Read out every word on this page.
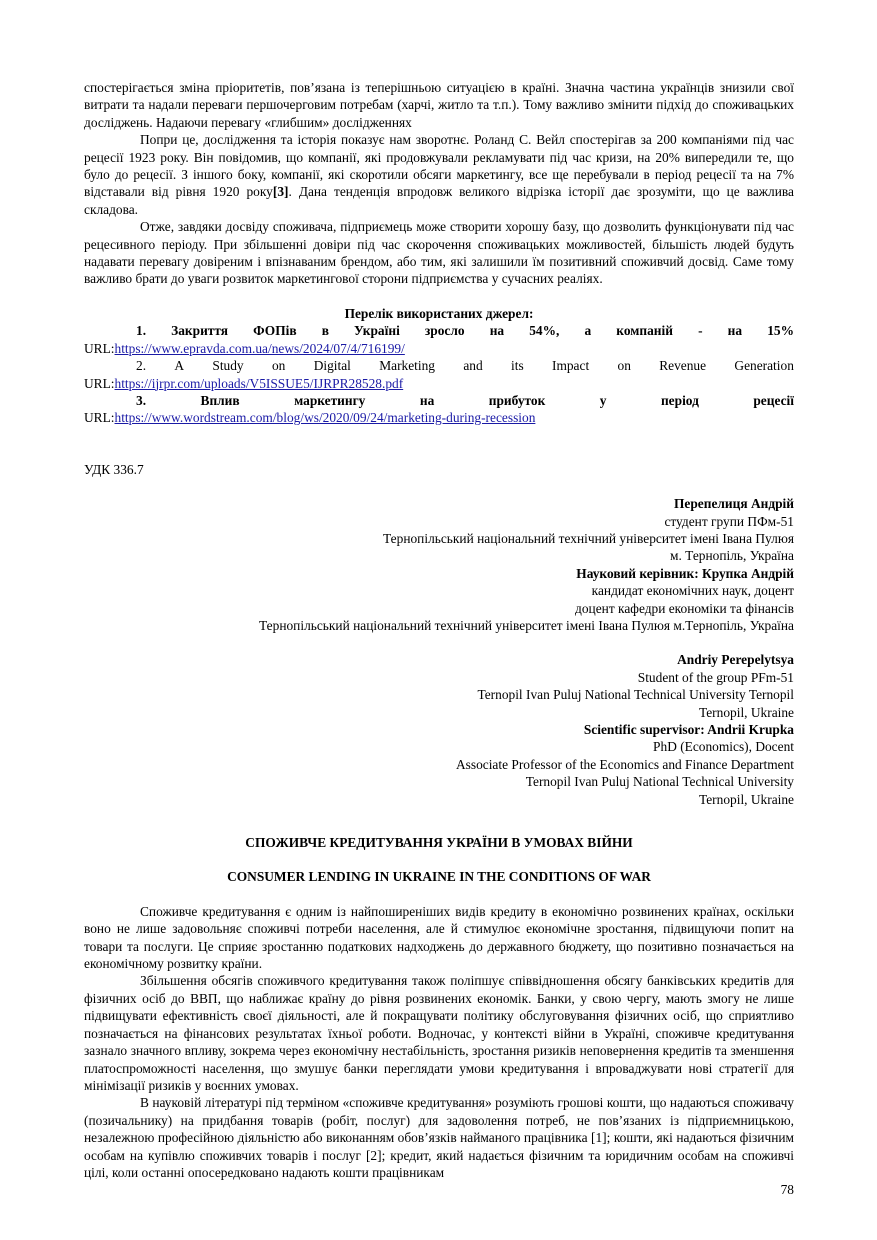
спостерігається зміна пріоритетів, пов’язана із теперішньою ситуацією в країні. Значна частина українців знизили свої витрати та надали переваги першочерговим потребам (харчі, житло та т.п.). Тому важливо змінити підхід до споживацьких досліджень. Надаючи перевагу «глибшим» дослідженнях

Попри це, дослідження та історія показує нам зворотнє. Роланд С. Вейл спостерігав за 200 компаніями під час рецесії 1923 року. Він повідомив, що компанії, які продовжували рекламувати під час кризи, на 20% випередили те, що було до рецесії. З іншого боку, компанії, які скоротили обсяги маркетингу, все ще перебували в період рецесії та на 7% відставали від рівня 1920 року[3]. Дана тенденція впродовж великого відрізка історії дає зрозуміти, що це важлива складова.

Отже, завдяки досвіду споживача, підприємець може створити хорошу базу, що дозволить функціонувати під час рецесивного періоду. При збільшенні довіри під час скорочення споживацьких можливостей, більшість людей будуть надавати перевагу довіреним і впізнаваним брендом, або тим, які залишили їм позитивний споживчий досвід. Саме тому важливо брати до уваги розвиток маркетингової сторони підприємства у сучасних реаліях.

Перелік використаних джерел:
1. Закриття ФОПів в Україні зросло на 54%, а компаній - на 15%
URL:https://www.epravda.com.ua/news/2024/07/4/716199/
2. A Study on Digital Marketing and its Impact on Revenue Generation
URL:https://ijrpr.com/uploads/V5ISSUE5/IJRPR28528.pdf
3.	Вплив	маркетингу	на	прибуток	у	період	рецесії
URL:https://www.wordstream.com/blog/ws/2020/09/24/marketing-during-recession
УДК 336.7
Перепелиця Андрій
студент групи ПФм-51
Тернопільський національний технічний університет імені Івана Пулюя
м. Тернопіль, Україна
Науковий керівник: Крупка Андрій
кандидат економічних наук, доцент
доцент кафедри економіки та фінансів
Тернопільський національний технічний університет імені Івана Пулюя м.Тернопіль, Україна
Andriy Perepelytsya
Student of the group PFm-51
Ternopil Ivan Puluj National Technical University Ternopil
Ternopil, Ukraine
Scientific supervisor: Andrii Krupka
PhD (Economics), Docent
Associate Professor of the Economics and Finance Department
Ternopil Ivan Puluj National Technical University
Ternopil, Ukraine
СПОЖИВЧЕ КРЕДИТУВАННЯ УКРАЇНИ В УМОВАХ ВІЙНИ
CONSUMER LENDING IN UKRAINE IN THE CONDITIONS OF WAR

Споживче кредитування є одним із найпоширеніших видів кредиту в економічно розвинених країнах, оскільки воно не лише задовольняє споживчі потреби населення, але й стимулює економічне зростання, підвищуючи попит на товари та послуги. Це сприяє зростанню податкових надходжень до державного бюджету, що позитивно позначається на економічному розвитку країни.

Збільшення обсягів споживчого кредитування також поліпшує співвідношення обсягу банківських кредитів для фізичних осіб до ВВП, що наближає країну до рівня розвинених економік. Банки, у свою чергу, мають змогу не лише підвищувати ефективність своєї діяльності, але й покращувати політику обслуговування фізичних осіб, що сприятливо позначається на фінансових результатах їхньої роботи. Водночас, у контексті війни в Україні, споживче кредитування зазнало значного впливу, зокрема через економічну нестабільність, зростання ризиків неповернення кредитів та зменшення платоспроможності населення, що змушує банки переглядати умови кредитування і впроваджувати нові стратегії для мінімізації ризиків у воєнних умовах.

В науковій літературі під терміном «споживче кредитування» розуміють грошові кошти, що надаються споживачу (позичальнику) на придбання товарів (робіт, послуг) для задоволення потреб, не пов’язаних із підприємницькою, незалежною професійною діяльністю або виконанням обов’язків найманого працівника [1]; кошти, які надаються фізичним особам на купівлю споживчих товарів і послуг [2]; кредит, який надається фізичним та юридичним особам на споживчі цілі, коли останні опосередковано надають кошти працівникам

78
